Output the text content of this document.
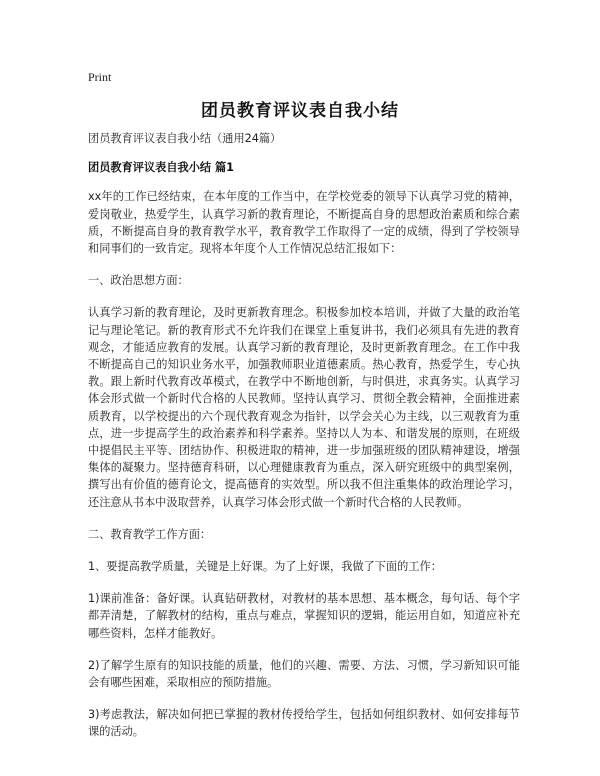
Print
团员教育评议表自我小结

团员教育评议表自我小结（通用24篇）

团员教育评议表自我小结 篇1

xx年的工作已经结束，在本年度的工作当中，在学校党委的领导下认真学习党的精神，爱岗敬业，热爱学生，认真学习新的教育理论，不断提高自身的思想政治素质和综合素质，不断提高自身的教育教学水平，教育教学工作取得了一定的成绩，得到了学校领导和同事们的一致肯定。现将本年度个人工作情况总结汇报如下：

一、政治思想方面：

认真学习新的教育理论，及时更新教育理念。积极参加校本培训，并做了大量的政治笔记与理论笔记。新的教育形式不允许我们在课堂上重复讲书，我们必须具有先进的教育观念，才能适应教育的发展。认真学习新的教育理论，及时更新教育理念。在工作中我不断提高自己的知识业务水平，加强教师职业道德素质。热心教育，热爱学生，专心执教。跟上新时代教育改革模式，在教学中不断地创新，与时俱进，求真务实。认真学习体会形式做一个新时代合格的人民教师。坚持认真学习、贯彻全教会精神，全面推进素质教育，以学校提出的六个现代教育观念为指针，以学会关心为主线，以三观教育为重点，进一步提高学生的政治素养和科学素养。坚持以人为本、和谐发展的原则，在班级中提倡民主平等、团结协作、积极进取的精神，进一步加强班级的团队精神建设，增强集体的凝聚力。坚持德育科研，以心理健康教育为重点，深入研究班级中的典型案例，撰写出有价值的德育论文，提高德育的实效型。所以我不但注重集体的政治理论学习，还注意从书本中汲取营养，认真学习体会形式做一个新时代合格的人民教师。

二、教育教学工作方面：

1、要提高教学质量，关键是上好课。为了上好课，我做了下面的工作：

1)课前准备：备好课。认真钻研教材，对教材的基本思想、基本概念，每句话、每个字都弄清楚，了解教材的结构，重点与难点，掌握知识的逻辑，能运用自如，知道应补充哪些资料，怎样才能教好。

2)了解学生原有的知识技能的质量，他们的兴趣、需要、方法、习惯，学习新知识可能会有哪些困难，采取相应的预防措施。

3)考虑教法，解决如何把已掌握的教材传授给学生，包括如何组织教材、如何安排每节课的活动。
